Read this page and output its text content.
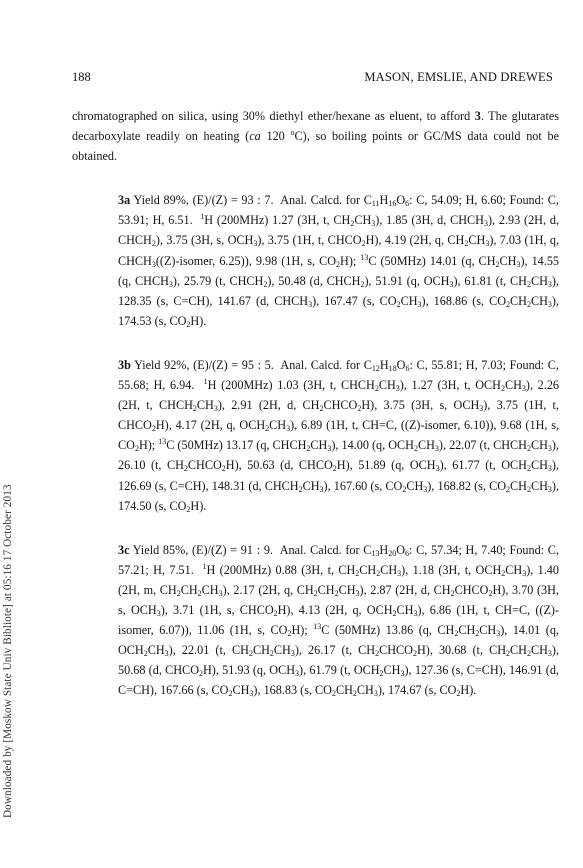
188	MASON, EMSLIE, AND DREWES
Downloaded by [Moskow State Univ Bibliote] at 05:16 17 October 2013

chromatographed on silica, using 30% diethyl ether/hexane as eluent, to afford 3. The glutarates decarboxylate readily on heating (ca 120 $^o$C), so boiling points or GC/MS data could not be obtained.

3a Yield 89%, (E)/(Z) = 93 : 7.  Anal. Calcd. for $C_{11}H_{16}O_6$: C, 54.09; H, 6.60; Found: C, 53.91; H, 6.51.  $^1$H (200MHz) 1.27 (3H, t, $CH_2CH_3$), 1.85 (3H, d, $CHCH_3$), 2.93 (2H, d, $CHCH_2$), 3.75 (3H, s, $OCH_3$), 3.75 (1H, t, $CHCO_2H$), 4.19 (2H, q, $CH_2CH_3$), 7.03 (1H, q, $CHCH_3((Z)$-isomer, 6.25)), 9.98 (1H, s, $CO_2H$); $^{13}$C (50MHz) 14.01 (q, $CH_2CH_3$), 14.55 (q, $CHCH_3$), 25.79 (t, $CHCH_2$), 50.48 (d, $CHCH_2$), 51.91 (q, $OCH_3$), 61.81 (t, $CH_2CH_3$), 128.35 (s, C=CH), 141.67 (d, $CHCH_3$), 167.47 (s, $CO_2CH_3$), 168.86 (s, $CO_2CH_2CH_3$), 174.53 (s, $CO_2H$).

3b Yield 92%, (E)/(Z) = 95 : 5.  Anal. Calcd. for $C_{12}H_{18}O_6$: C, 55.81; H, 7.03; Found: C, 55.68; H, 6.94.  $^1$H (200MHz) 1.03 (3H, t, $CHCH_2CH_3$), 1.27 (3H, t, $OCH_2CH_3$), 2.26 (2H, t, $CHCH_2CH_3$), 2.91 (2H, d, $CH_2CHCO_2H$), 3.75 (3H, s, $OCH_3$), 3.75 (1H, t, $CHCO_2H$), 4.17 (2H, q, $OCH_2CH_3$), 6.89 (1H, t, CH=C, ((Z)-isomer, 6.10)), 9.68 (1H, s, $CO_2H$); $^{13}$C (50MHz) 13.17 (q, $CHCH_2CH_3$), 14.00 (q, $OCH_2CH_3$), 22.07 (t, $CHCH_2CH_3$), 26.10 (t, $CH_2CHCO_2H$), 50.63 (d, $CHCO_2H$), 51.89 (q, $OCH_3$), 61.77 (t, $OCH_2CH_3$), 126.69 (s, C=CH), 148.31 (d, $CHCH_2CH_3$), 167.60 (s, $CO_2CH_3$), 168.82 (s, $CO_2CH_2CH_3$), 174.50 (s, $CO_2H$).

3c Yield 85%, (E)/(Z) = 91 : 9.  Anal. Calcd. for $C_{13}H_{20}O_6$: C, 57.34; H, 7.40; Found: C, 57.21; H, 7.51.  $^1$H (200MHz) 0.88 (3H, t, $CH_2CH_2CH_3$), 1.18 (3H, t, $OCH_2CH_3$), 1.40 (2H, m, $CH_2CH_2CH_3$), 2.17 (2H, q, $CH_2CH_2CH_3$), 2.87 (2H, d, $CH_2CHCO_2H$), 3.70 (3H, s, $OCH_3$), 3.71 (1H, s, $CHCO_2H$), 4.13 (2H, q, $OCH_2CH_3$), 6.86 (1H, t, CH=C, ((Z)-isomer, 6.07)), 11.06 (1H, s, $CO_2H$); $^{13}$C (50MHz) 13.86 (q, $CH_2CH_2CH_3$), 14.01 (q, $OCH_2CH_3$), 22.01 (t, $CH_2CH_2CH_3$), 26.17 (t, $CH_2CHCO_2H$), 30.68 (t, $CH_2CH_2CH_3$), 50.68 (d, $CHCO_2H$), 51.93 (q, $OCH_3$), 61.79 (t, $OCH_2CH_3$), 127.36 (s, C=CH), 146.91 (d, C=CH), 167.66 (s, $CO_2CH_3$), 168.83 (s, $CO_2CH_2CH_3$), 174.67 (s, $CO_2H$).
